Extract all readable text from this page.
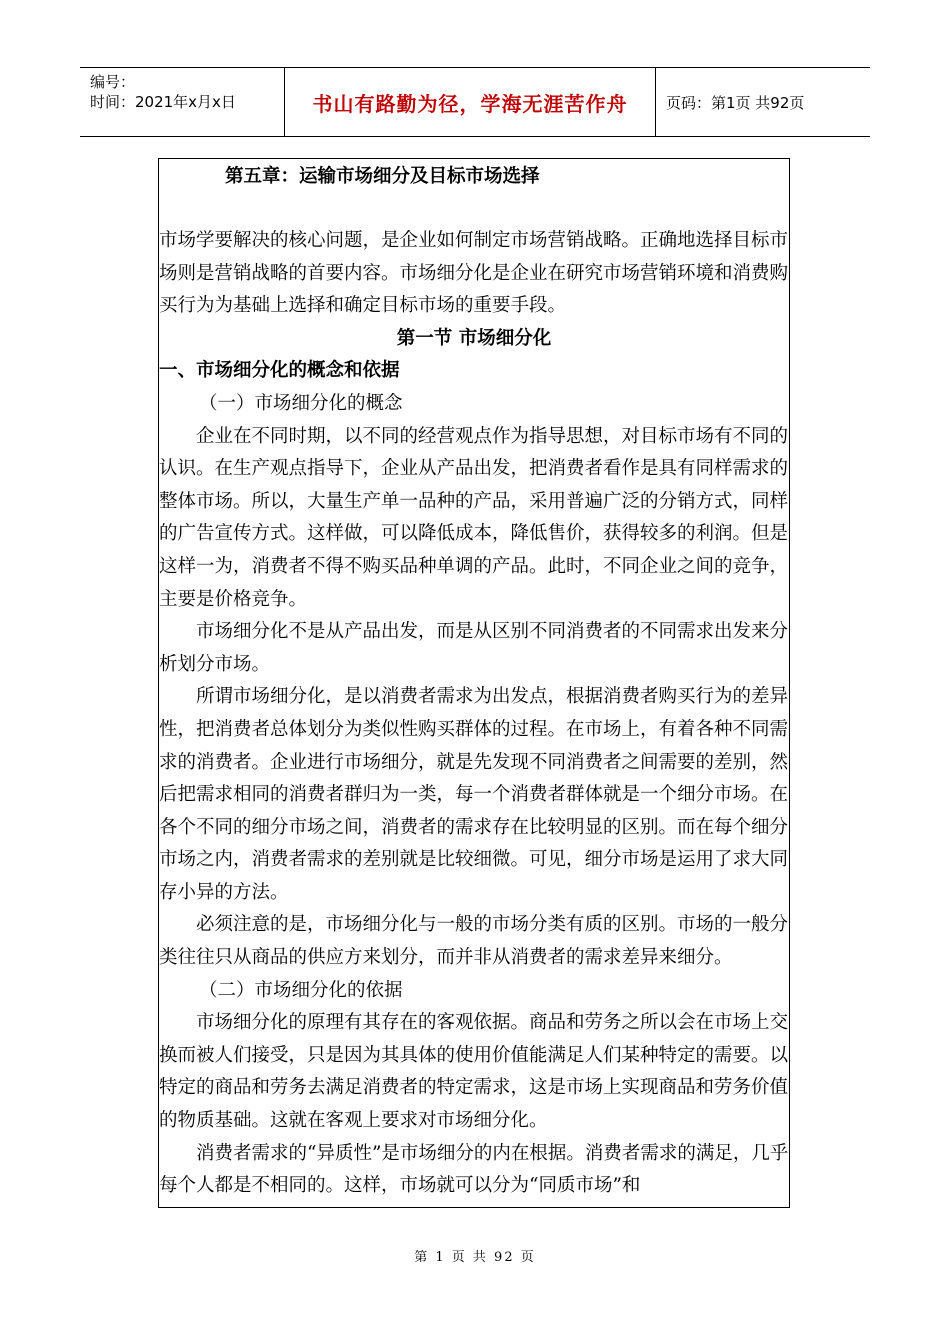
编号：
时间：2021年x月x日	书山有路勤为径，学海无涯苦作舟	页码：第1页 共92页
第五章：运输市场细分及目标市场选择

市场学要解决的核心问题，是企业如何制定市场营销战略。正确地选择目标市场则是营销战略的首要内容。市场细分化是企业在研究市场营销环境和消费购买行为为基础上选择和确定目标市场的重要手段。

第一节 市场细分化

一、市场细分化的概念和依据

（一）市场细分化的概念

企业在不同时期，以不同的经营观点作为指导思想，对目标市场有不同的认识。在生产观点指导下，企业从产品出发，把消费者看作是具有同样需求的整体市场。所以，大量生产单一品种的产品，采用普遍广泛的分销方式，同样的广告宣传方式。这样做，可以降低成本，降低售价，获得较多的利润。但是这样一为，消费者不得不购买品种单调的产品。此时，不同企业之间的竞争，主要是价格竞争。

市场细分化不是从产品出发，而是从区别不同消费者的不同需求出发来分析划分市场。

所谓市场细分化，是以消费者需求为出发点，根据消费者购买行为的差异性，把消费者总体划分为类似性购买群体的过程。在市场上，有着各种不同需求的消费者。企业进行市场细分，就是先发现不同消费者之间需要的差别，然后把需求相同的消费者群归为一类，每一个消费者群体就是一个细分市场。在各个不同的细分市场之间，消费者的需求存在比较明显的区别。而在每个细分市场之内，消费者需求的差别就是比较细微。可见，细分市场是运用了求大同存小异的方法。

必须注意的是，市场细分化与一般的市场分类有质的区别。市场的一般分类往往只从商品的供应方来划分，而并非从消费者的需求差异来细分。

（二）市场细分化的依据

市场细分化的原理有其存在的客观依据。商品和劳务之所以会在市场上交换而被人们接受，只是因为其具体的使用价值能满足人们某种特定的需要。以特定的商品和劳务去满足消费者的特定需求，这是市场上实现商品和劳务价值的物质基础。这就在客观上要求对市场细分化。

消费者需求的“异质性”是市场细分的内在根据。消费者需求的满足，几乎每个人都是不相同的。这样，市场就可以分为“同质市场”和

第 1 页 共 92 页
